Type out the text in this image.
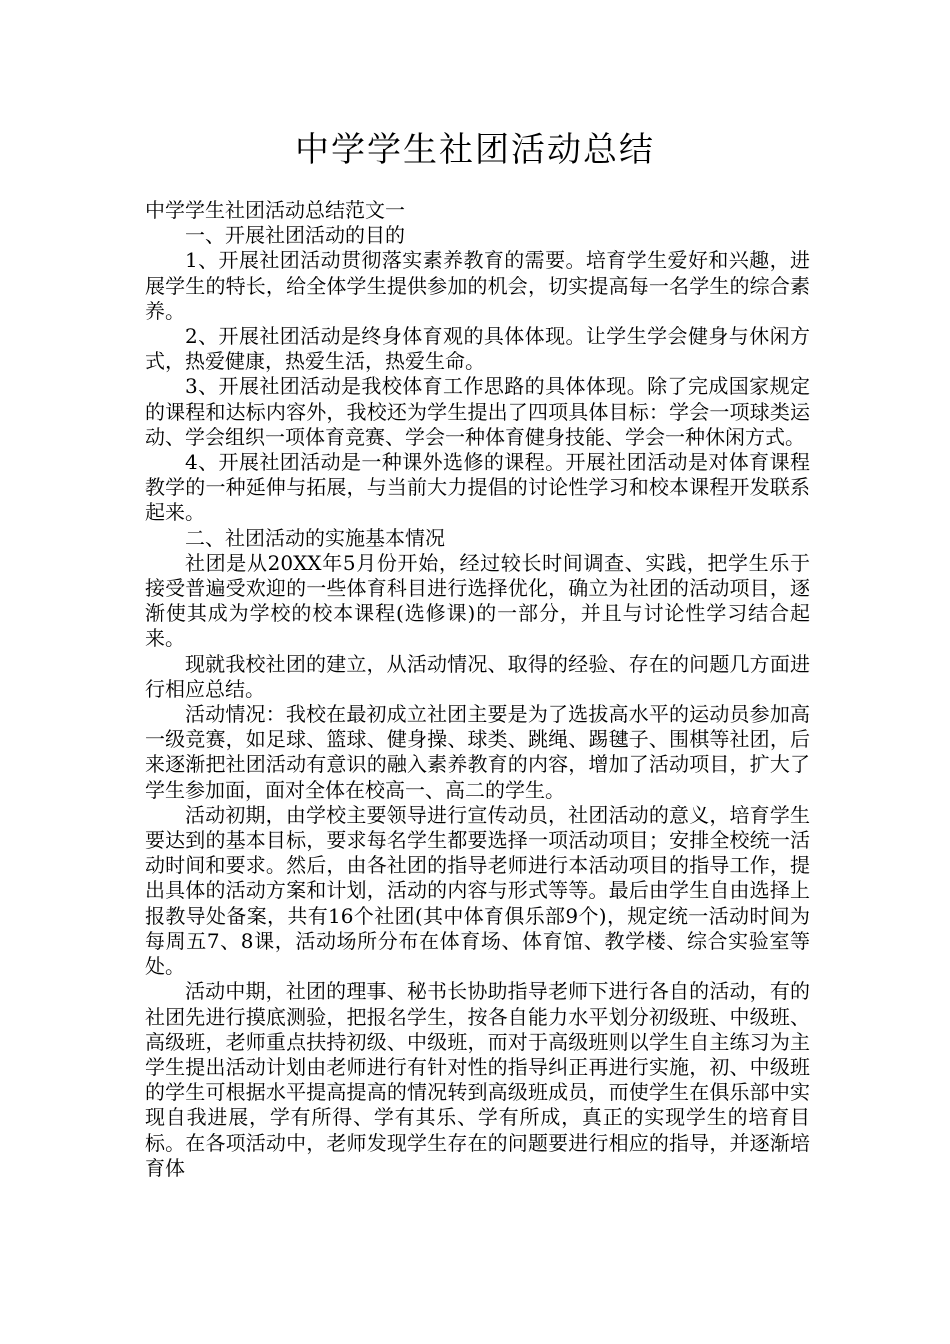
中学学生社团活动总结

中学学生社团活动总结范文一

一、开展社团活动的目的

1、开展社团活动贯彻落实素养教育的需要。培育学生爱好和兴趣，进展学生的特长，给全体学生提供参加的机会，切实提高每一名学生的综合素养。

2、开展社团活动是终身体育观的具体体现。让学生学会健身与休闲方式，热爱健康，热爱生活，热爱生命。

3、开展社团活动是我校体育工作思路的具体体现。除了完成国家规定的课程和达标内容外，我校还为学生提出了四项具体目标：学会一项球类运动、学会组织一项体育竞赛、学会一种体育健身技能、学会一种休闲方式。

4、开展社团活动是一种课外选修的课程。开展社团活动是对体育课程教学的一种延伸与拓展，与当前大力提倡的讨论性学习和校本课程开发联系起来。

二、社团活动的实施基本情况

社团是从20XX年5月份开始，经过较长时间调查、实践，把学生乐于接受普遍受欢迎的一些体育科目进行选择优化，确立为社团的活动项目，逐渐使其成为学校的校本课程(选修课)的一部分，并且与讨论性学习结合起来。

现就我校社团的建立，从活动情况、取得的经验、存在的问题几方面进行相应总结。

活动情况：我校在最初成立社团主要是为了选拔高水平的运动员参加高一级竞赛，如足球、篮球、健身操、球类、跳绳、踢毽子、围棋等社团，后来逐渐把社团活动有意识的融入素养教育的内容，增加了活动项目，扩大了学生参加面，面对全体在校高一、高二的学生。

活动初期，由学校主要领导进行宣传动员，社团活动的意义，培育学生要达到的基本目标，要求每名学生都要选择一项活动项目；安排全校统一活动时间和要求。然后，由各社团的指导老师进行本活动项目的指导工作，提出具体的活动方案和计划，活动的内容与形式等等。最后由学生自由选择上报教导处备案，共有16个社团(其中体育俱乐部9个)，规定统一活动时间为每周五7、8课，活动场所分布在体育场、体育馆、教学楼、综合实验室等处。

活动中期，社团的理事、秘书长协助指导老师下进行各自的活动，有的社团先进行摸底测验，把报名学生，按各自能力水平划分初级班、中级班、高级班，老师重点扶持初级、中级班，而对于高级班则以学生自主练习为主学生提出活动计划由老师进行有针对性的指导纠正再进行实施，初、中级班的学生可根据水平提高提高的情况转到高级班成员，而使学生在俱乐部中实现自我进展，学有所得、学有其乐、学有所成，真正的实现学生的培育目标。在各项活动中，老师发现学生存在的问题要进行相应的指导，并逐渐培育体
